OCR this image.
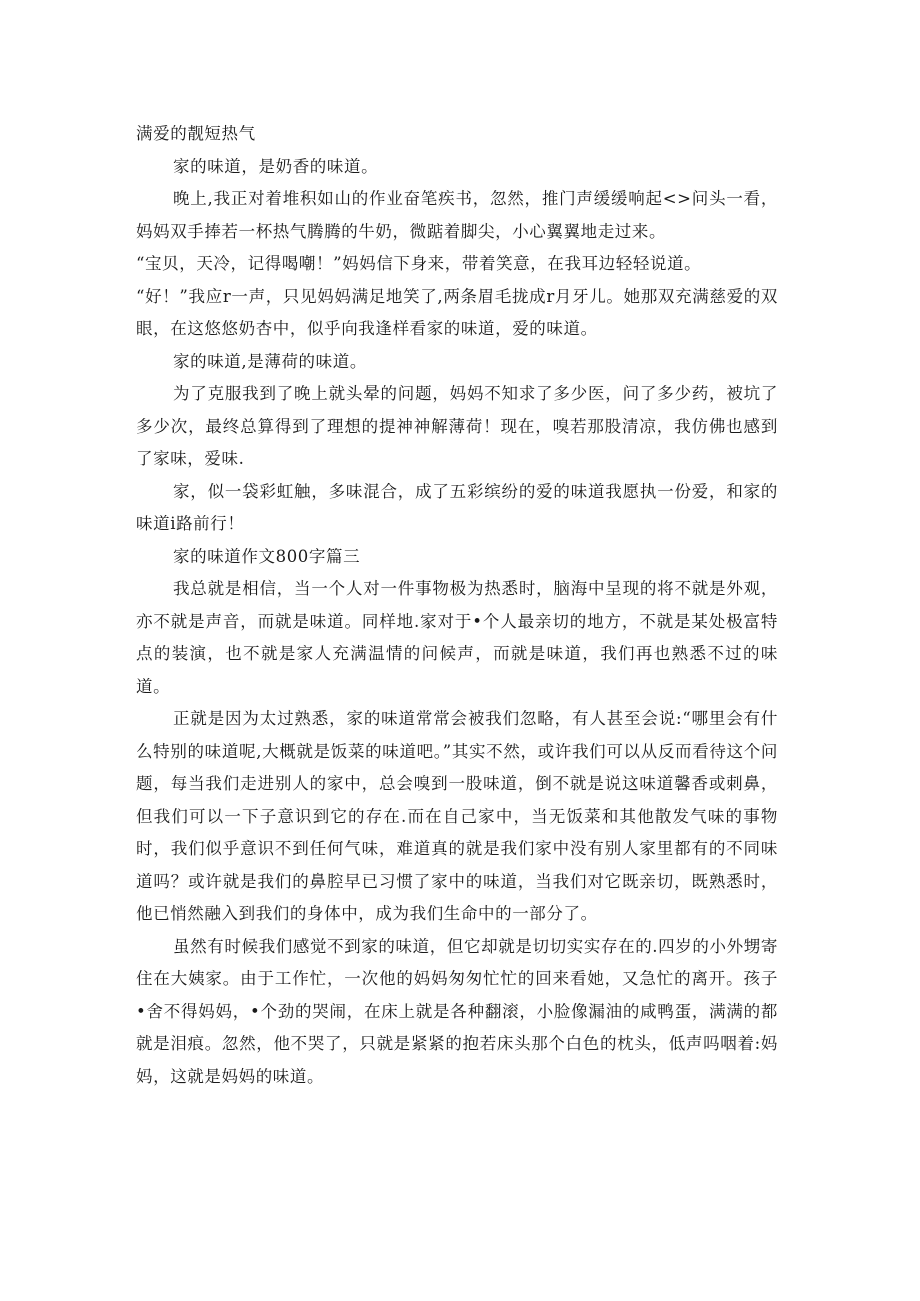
满爱的靓短热气

家的味道，是奶香的味道。

晚上,我正对着堆积如山的作业奋笔疾书，忽然，推门声缓缓响起<>问头一看，妈妈双手捧若一杯热气腾腾的牛奶，微踮着脚尖，小心翼翼地走过来。

“宝贝，天冷，记得喝嘲！”妈妈信下身来，带着笑意，在我耳边轻轻说道。

“好！”我应r一声，只见妈妈满足地笑了,两条眉毛拢成r月牙儿。她那双充满慈爱的双眼，在这悠悠奶杏中，似乎向我逢样看家的味道，爱的味道。

家的味道,是薄荷的味道。

为了克服我到了晚上就头晕的问题，妈妈不知求了多少医，问了多少药，被坑了多少次，最终总算得到了理想的提神神解薄荷！现在，嗅若那股清凉，我仿佛也感到了家味，爱味.

家，似一袋彩虹触，多味混合，成了五彩缤纷的爱的味道我愿执一份爱，和家的味道i路前行！

家的味道作文800字篇三

我总就是相信，当一个人对一件事物极为热悉时，脑海中呈现的将不就是外观，亦不就是声音，而就是味道。同样地.家对于•个人最亲切的地方，不就是某处极富特点的装演，也不就是家人充满温情的问候声，而就是味道，我们再也熟悉不过的味道。

正就是因为太过熟悉，家的味道常常会被我们忽略，有人甚至会说:“哪里会有什么特别的味道呢,大概就是饭菜的味道吧。”其实不然，或许我们可以从反而看待这个问题，每当我们走进别人的家中，总会嗅到一股味道，倒不就是说这味道馨香或刺鼻，但我们可以一下子意识到它的存在.而在自己家中，当无饭菜和其他散发气味的事物时，我们似乎意识不到任何气味，难道真的就是我们家中没有别人家里都有的不同味道吗？或许就是我们的鼻腔早已习惯了家中的味道，当我们对它既亲切，既熟悉时，他已悄然融入到我们的身体中，成为我们生命中的一部分了。

虽然有时候我们感觉不到家的味道，但它却就是切切实实存在的.四岁的小外甥寄住在大姨家。由于工作忙，一次他的妈妈匆匆忙忙的回来看她，又急忙的离开。孩子•舍不得妈妈，•个劲的哭闹，在床上就是各种翻滚，小脸像漏油的咸鸭蛋，满满的都就是泪痕。忽然，他不哭了，只就是紧紧的抱若床头那个白色的枕头，低声吗咽着:妈妈，这就是妈妈的味道。
